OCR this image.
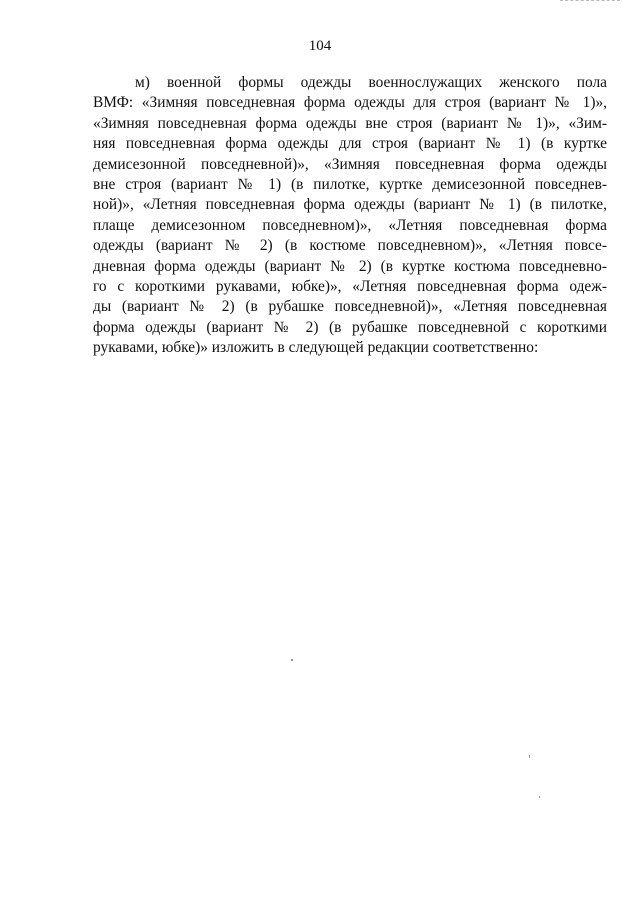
104

м) военной формы одежды военнослужащих женского пола
ВМФ: «Зимняя повседневная форма одежды для строя (вариант № 1)»,
«Зимняя повседневная форма одежды вне строя (вариант № 1)», «Зим-
няя повседневная форма одежды для строя (вариант № 1) (в куртке
демисезонной повседневной)», «Зимняя повседневная форма одежды
вне строя (вариант № 1) (в пилотке, куртке демисезонной повседнев-
ной)», «Летняя повседневная форма одежды (вариант № 1) (в пилотке,
плаще демисезонном повседневном)», «Летняя повседневная форма
одежды (вариант № 2) (в костюме повседневном)», «Летняя повсе-
дневная форма одежды (вариант № 2) (в куртке костюма повседневно-
го с короткими рукавами, юбке)», «Летняя повседневная форма одеж-
ды (вариант № 2) (в рубашке повседневной)», «Летняя повседневная
форма одежды (вариант № 2) (в рубашке повседневной с короткими
рукавами, юбке)» изложить в следующей редакции соответственно:
